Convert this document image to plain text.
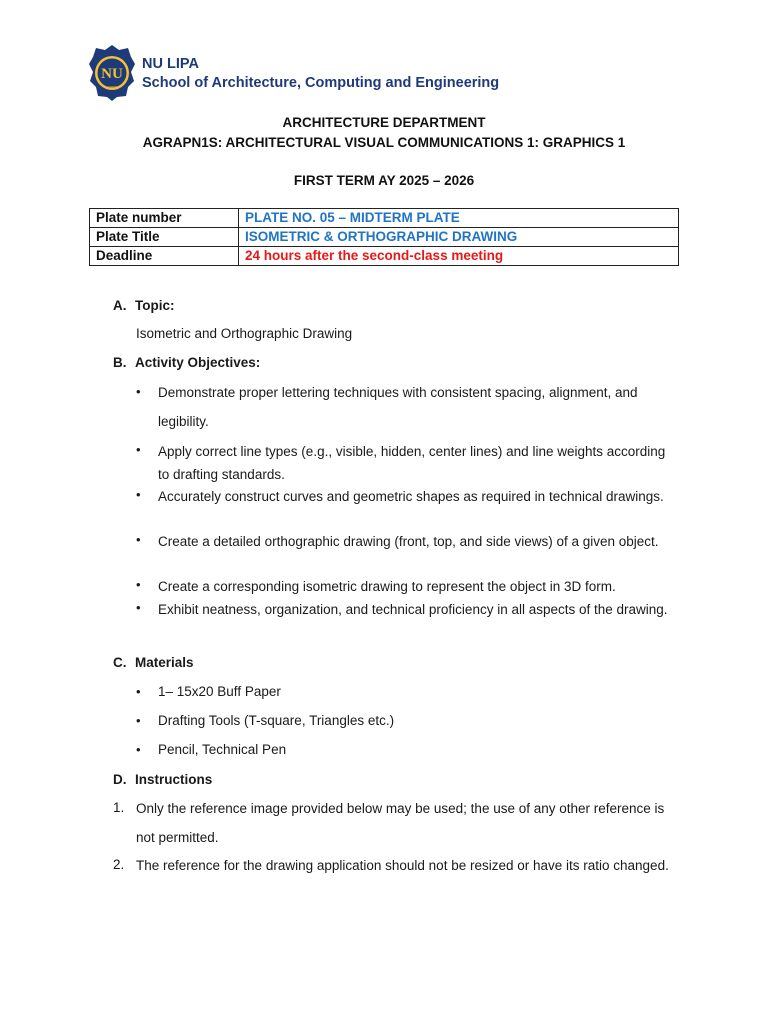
NU
1900
NU LIPA
School of Architecture, Computing and Engineering
ARCHITECTURE DEPARTMENT
AGRAPN1S: ARCHITECTURAL VISUAL COMMUNICATIONS 1: GRAPHICS 1
FIRST TERM AY 2025 – 2026
Plate number	PLATE NO. 05 – MIDTERM PLATE
Plate Title	ISOMETRIC & ORTHOGRAPHIC DRAWING
Deadline	24 hours after the second-class meeting
A. Topic:
Isometric and Orthographic Drawing
B. Activity Objectives:
• Demonstrate proper lettering techniques with consistent spacing, alignment, and legibility.
• Apply correct line types (e.g., visible, hidden, center lines) and line weights according to drafting standards.
• Accurately construct curves and geometric shapes as required in technical drawings.
• Create a detailed orthographic drawing (front, top, and side views) of a given object.
• Create a corresponding isometric drawing to represent the object in 3D form.
• Exhibit neatness, organization, and technical proficiency in all aspects of the drawing.
C. Materials
• 1– 15x20 Buff Paper
• Drafting Tools (T-square, Triangles etc.)
• Pencil, Technical Pen
D. Instructions
1. Only the reference image provided below may be used; the use of any other reference is not permitted.
2. The reference for the drawing application should not be resized or have its ratio changed.
